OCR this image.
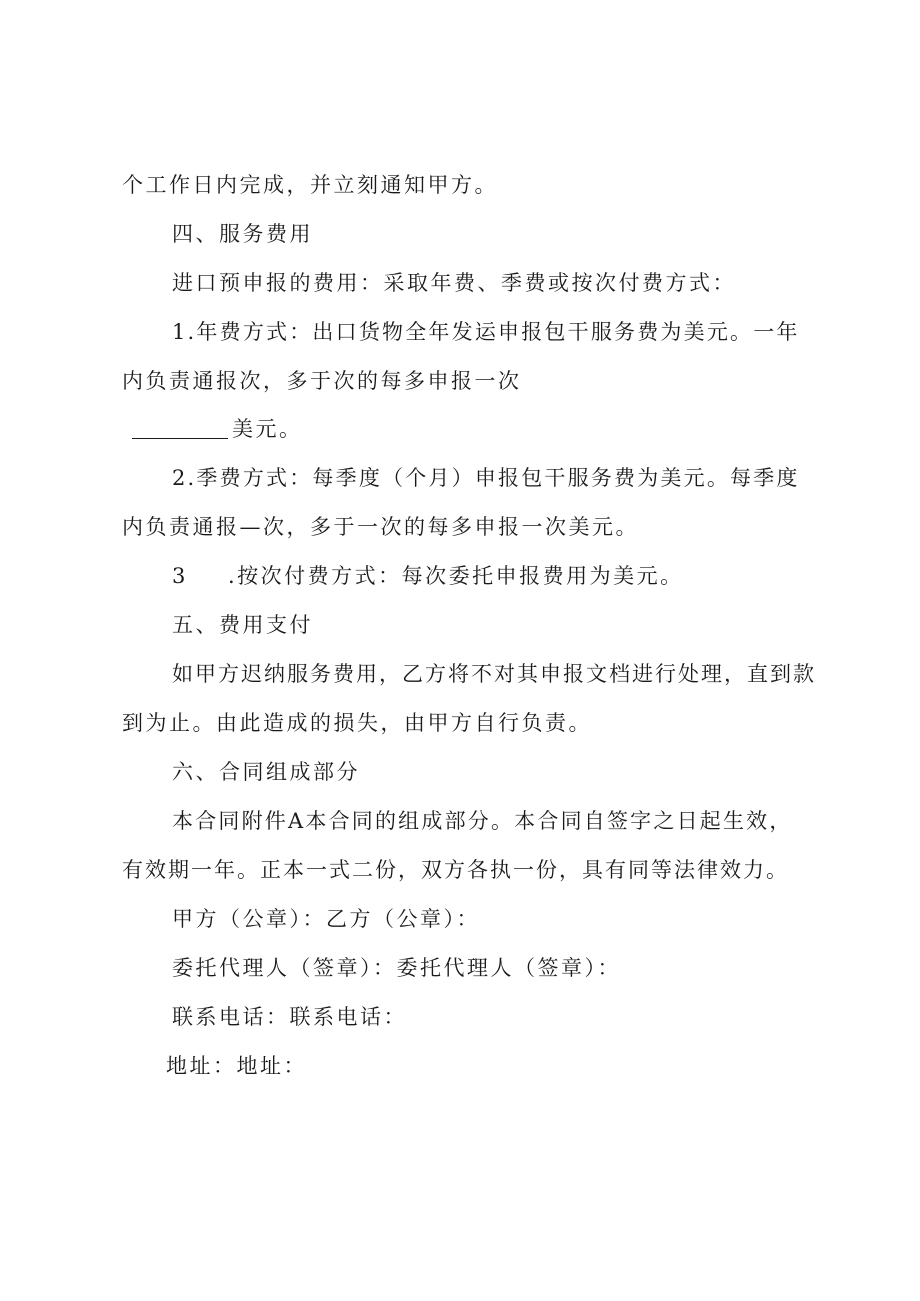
个工作日内完成，并立刻通知甲方。
四、服务费用
进口预申报的费用：采取年费、季费或按次付费方式：
1.年费方式：出口货物全年发运申报包干服务费为美元。一年
内负责通报次，多于次的每多申报一次
美元。
2.季费方式：每季度（个月）申报包干服务费为美元。每季度
内负责通报—次，多于一次的每多申报一次美元。
3 .按次付费方式：每次委托申报费用为美元。
五、费用支付
如甲方迟纳服务费用，乙方将不对其申报文档进行处理，直到款
到为止。由此造成的损失，由甲方自行负责。
六、合同组成部分
本合同附件A本合同的组成部分。本合同自签字之日起生效，
有效期一年。正本一式二份，双方各执一份，具有同等法律效力。
甲方（公章）：乙方（公章）：
委托代理人（签章）：委托代理人（签章）：
联系电话：联系电话：
地址：地址：
